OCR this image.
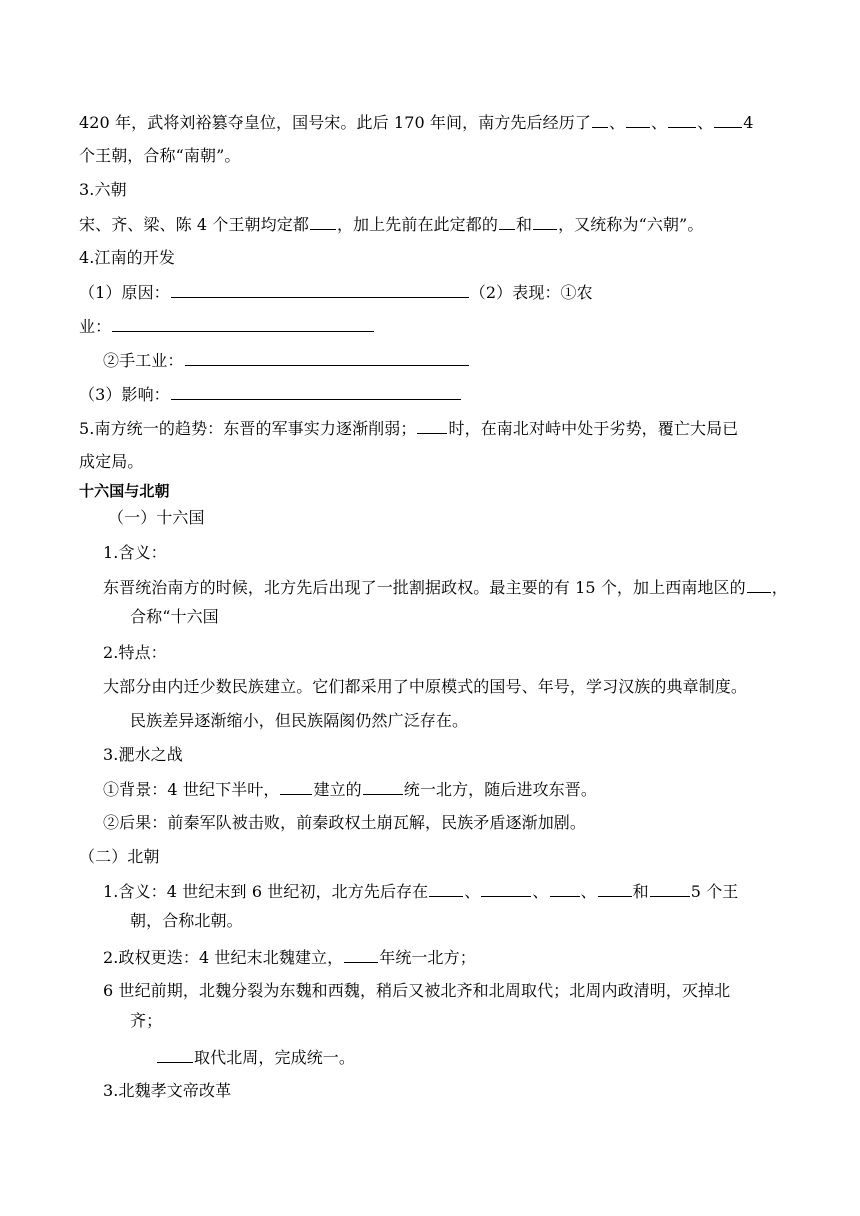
420 年，武将刘裕篡夺皇位，国号宋。此后 170 年间，南方先后经历了 、 、 、 4
个王朝，合称“南朝”。
3.六朝
宋、齐、梁、陈 4 个王朝均定都 ，加上先前在此定都的 和 ，又统称为“六朝”。
4.江南的开发
（1）原因：	（2）表现：①农
业：
②手工业：
（3）影响：
5.南方统一的趋势：东晋的军事实力逐渐削弱； 时，在南北对峙中处于劣势，覆亡大局已
成定局。
十六国与北朝
（一）十六国
1.含义：
东晋统治南方的时候，北方先后出现了一批割据政权。最主要的有 15 个，加上西南地区的 ，
合称“十六国
2.特点：
大部分由内迁少数民族建立。它们都采用了中原模式的国号、年号，学习汉族的典章制度。
民族差异逐渐缩小，但民族隔阂仍然广泛存在。
3.淝水之战
①背景：4 世纪下半叶， 建立的	统一北方，随后进攻东晋。
②后果：前秦军队被击败，前秦政权土崩瓦解，民族矛盾逐渐加剧。
（二）北朝
1.含义：4 世纪末到 6 世纪初，北方先后存在 、	、 、 和	5 个王
朝，合称北朝。
2.政权更迭：4 世纪末北魏建立， 年统一北方；
6 世纪前期，北魏分裂为东魏和西魏，稍后又被北齐和北周取代；北周内政清明，灭掉北
齐；
取代北周，完成统一。
3.北魏孝文帝改革
